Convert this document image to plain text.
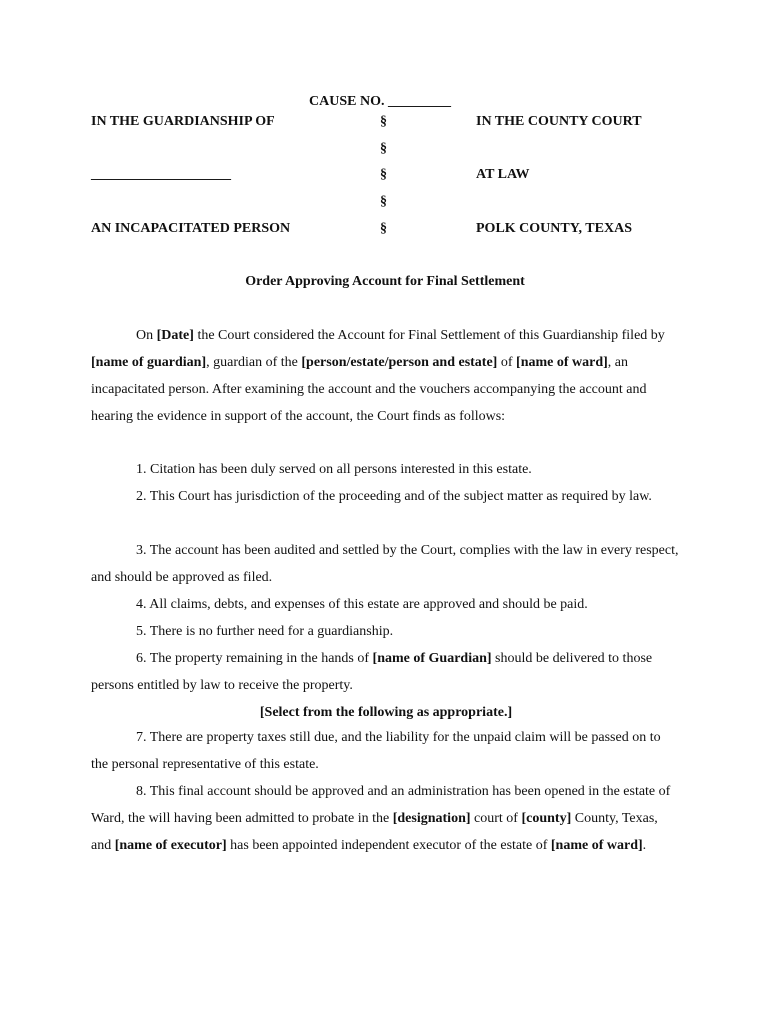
CAUSE NO. _________
IN THE GUARDIANSHIP OF
____________________
AN INCAPACITATED PERSON
§
§
§
§
§
IN THE COUNTY COURT
AT LAW
POLK COUNTY, TEXAS
Order Approving Account for Final Settlement
On [Date] the Court considered the Account for Final Settlement of this Guardianship filed by [name of guardian], guardian of the [person/estate/person and estate] of [name of ward], an incapacitated person. After examining the account and the vouchers accompanying the account and hearing the evidence in support of the account, the Court finds as follows:
1. Citation has been duly served on all persons interested in this estate.
2. This Court has jurisdiction of the proceeding and of the subject matter as required by law.
3. The account has been audited and settled by the Court, complies with the law in every respect, and should be approved as filed.
4. All claims, debts, and expenses of this estate are approved and should be paid.
5. There is no further need for a guardianship.
6. The property remaining in the hands of [name of Guardian] should be delivered to those persons entitled by law to receive the property.
[Select from the following as appropriate.]
7. There are property taxes still due, and the liability for the unpaid claim will be passed on to the personal representative of this estate.
8. This final account should be approved and an administration has been opened in the estate of Ward, the will having been admitted to probate in the [designation] court of [county] County, Texas, and [name of executor] has been appointed independent executor of the estate of [name of ward].
